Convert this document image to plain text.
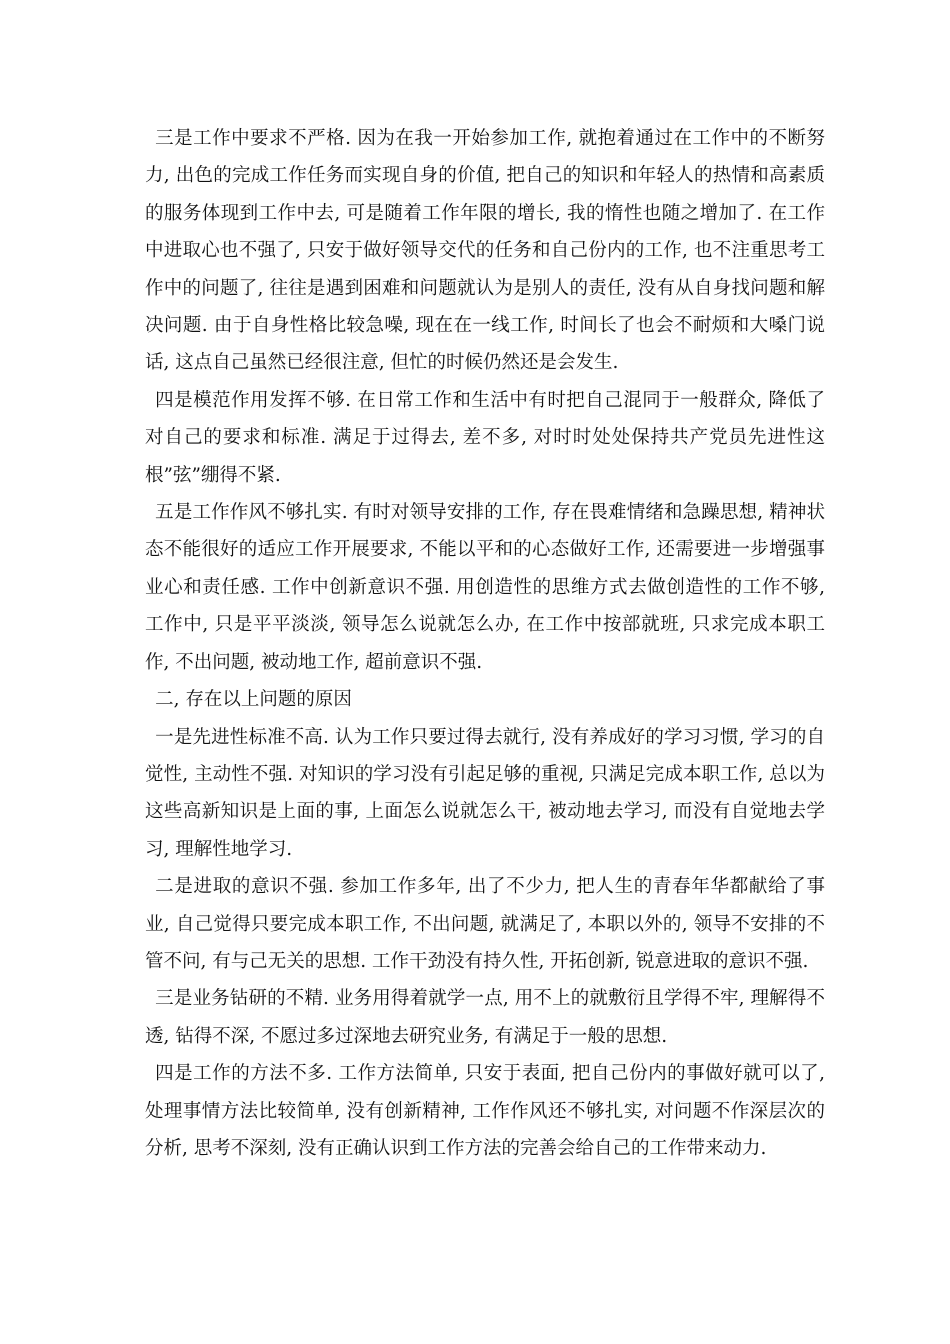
三是工作中要求不严格. 因为在我一开始参加工作, 就抱着通过在工作中的不断努力, 出色的完成工作任务而实现自身的价值, 把自己的知识和年轻人的热情和高素质的服务体现到工作中去, 可是随着工作年限的增长, 我的惰性也随之增加了. 在工作中进取心也不强了, 只安于做好领导交代的任务和自己份内的工作, 也不注重思考工作中的问题了, 往往是遇到困难和问题就认为是别人的责任, 没有从自身找问题和解决问题. 由于自身性格比较急噪, 现在在一线工作, 时间长了也会不耐烦和大嗓门说话, 这点自己虽然已经很注意, 但忙的时候仍然还是会发生.

四是模范作用发挥不够. 在日常工作和生活中有时把自己混同于一般群众, 降低了对自己的要求和标准. 满足于过得去, 差不多, 对时时处处保持共产党员先进性这根”弦”绷得不紧.

五是工作作风不够扎实. 有时对领导安排的工作, 存在畏难情绪和急躁思想, 精神状态不能很好的适应工作开展要求, 不能以平和的心态做好工作, 还需要进一步增强事业心和责任感. 工作中创新意识不强. 用创造性的思维方式去做创造性的工作不够, 工作中, 只是平平淡淡, 领导怎么说就怎么办, 在工作中按部就班, 只求完成本职工作, 不出问题, 被动地工作, 超前意识不强.

二, 存在以上问题的原因

一是先进性标准不高. 认为工作只要过得去就行, 没有养成好的学习习惯, 学习的自觉性, 主动性不强. 对知识的学习没有引起足够的重视, 只满足完成本职工作, 总以为这些高新知识是上面的事, 上面怎么说就怎么干, 被动地去学习, 而没有自觉地去学习, 理解性地学习.

二是进取的意识不强. 参加工作多年, 出了不少力, 把人生的青春年华都献给了事业, 自己觉得只要完成本职工作, 不出问题, 就满足了, 本职以外的, 领导不安排的不管不问, 有与己无关的思想. 工作干劲没有持久性, 开拓创新, 锐意进取的意识不强.

三是业务钻研的不精. 业务用得着就学一点, 用不上的就敷衍且学得不牢, 理解得不透, 钻得不深, 不愿过多过深地去研究业务, 有满足于一般的思想.

四是工作的方法不多. 工作方法简单, 只安于表面, 把自己份内的事做好就可以了, 处理事情方法比较简单, 没有创新精神, 工作作风还不够扎实, 对问题不作深层次的分析, 思考不深刻, 没有正确认识到工作方法的完善会给自己的工作带来动力.
